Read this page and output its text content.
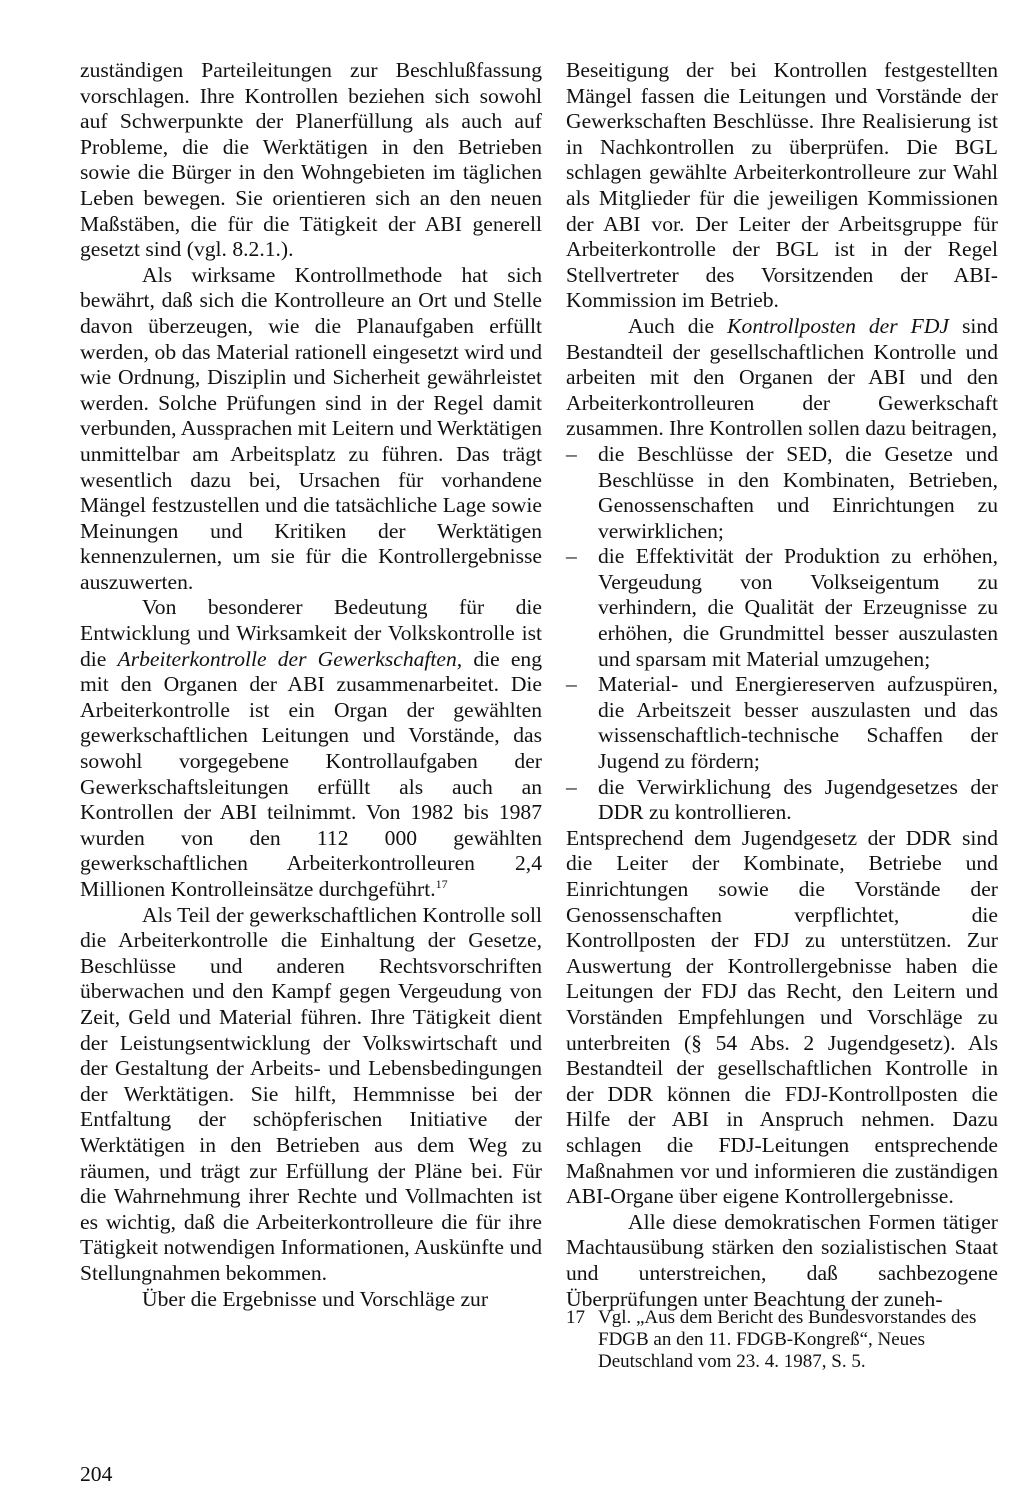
zuständigen Parteileitungen zur Beschlußfassung vorschlagen. Ihre Kontrollen beziehen sich sowohl auf Schwerpunkte der Planerfüllung als auch auf Probleme, die die Werktätigen in den Betrieben sowie die Bürger in den Wohngebieten im täglichen Leben bewegen. Sie orientieren sich an den neuen Maßstäben, die für die Tätigkeit der ABI generell gesetzt sind (vgl. 8.2.1.).

Als wirksame Kontrollmethode hat sich bewährt, daß sich die Kontrolleure an Ort und Stelle davon überzeugen, wie die Planaufgaben erfüllt werden, ob das Material rationell eingesetzt wird und wie Ordnung, Disziplin und Sicherheit gewährleistet werden. Solche Prüfungen sind in der Regel damit verbunden, Aussprachen mit Leitern und Werktätigen unmittelbar am Arbeitsplatz zu führen. Das trägt wesentlich dazu bei, Ursachen für vorhandene Mängel festzustellen und die tatsächliche Lage sowie Meinungen und Kritiken der Werktätigen kennenzulernen, um sie für die Kontrollergebnisse auszuwerten.

Von besonderer Bedeutung für die Entwicklung und Wirksamkeit der Volkskontrolle ist die Arbeiterkontrolle der Gewerkschaften, die eng mit den Organen der ABI zusammenarbeitet. Die Arbeiterkontrolle ist ein Organ der gewählten gewerkschaftlichen Leitungen und Vorstände, das sowohl vorgegebene Kontrollaufgaben der Gewerkschaftsleitungen erfüllt als auch an Kontrollen der ABI teilnimmt. Von 1982 bis 1987 wurden von den 112 000 gewählten gewerkschaftlichen Arbeiterkontrolleuren 2,4 Millionen Kontrolleinsätze durchgeführt.$^{17}$

Als Teil der gewerkschaftlichen Kontrolle soll die Arbeiterkontrolle die Einhaltung der Gesetze, Beschlüsse und anderen Rechtsvorschriften überwachen und den Kampf gegen Vergeudung von Zeit, Geld und Material führen. Ihre Tätigkeit dient der Leistungsentwicklung der Volkswirtschaft und der Gestaltung der Arbeits- und Lebensbedingungen der Werktätigen. Sie hilft, Hemmnisse bei der Entfaltung der schöpferischen Initiative der Werktätigen in den Betrieben aus dem Weg zu räumen, und trägt zur Erfüllung der Pläne bei. Für die Wahrnehmung ihrer Rechte und Vollmachten ist es wichtig, daß die Arbeiterkontrolleure die für ihre Tätigkeit notwendigen Informationen, Auskünfte und Stellungnahmen bekommen.

Über die Ergebnisse und Vorschläge zur

Beseitigung der bei Kontrollen festgestellten Mängel fassen die Leitungen und Vorstände der Gewerkschaften Beschlüsse. Ihre Realisierung ist in Nachkontrollen zu überprüfen. Die BGL schlagen gewählte Arbeiterkontrolleure zur Wahl als Mitglieder für die jeweiligen Kommissionen der ABI vor. Der Leiter der Arbeitsgruppe für Arbeiterkontrolle der BGL ist in der Regel Stellvertreter des Vorsitzenden der ABI-Kommission im Betrieb.

Auch die Kontrollposten der FDJ sind Bestandteil der gesellschaftlichen Kontrolle und arbeiten mit den Organen der ABI und den Arbeiterkontrolleuren der Gewerkschaft zusammen. Ihre Kontrollen sollen dazu beitragen,

– die Beschlüsse der SED, die Gesetze und Beschlüsse in den Kombinaten, Betrieben, Genossenschaften und Einrichtungen zu verwirklichen;
– die Effektivität der Produktion zu erhöhen, Vergeudung von Volkseigentum zu verhindern, die Qualität der Erzeugnisse zu erhöhen, die Grundmittel besser auszulasten und sparsam mit Material umzugehen;
– Material- und Energiereserven aufzuspüren, die Arbeitszeit besser auszulasten und das wissenschaftlich-technische Schaffen der Jugend zu fördern;
– die Verwirklichung des Jugendgesetzes der DDR zu kontrollieren.

Entsprechend dem Jugendgesetz der DDR sind die Leiter der Kombinate, Betriebe und Einrichtungen sowie die Vorstände der Genossenschaften verpflichtet, die Kontrollposten der FDJ zu unterstützen. Zur Auswertung der Kontrollergebnisse haben die Leitungen der FDJ das Recht, den Leitern und Vorständen Empfehlungen und Vorschläge zu unterbreiten (§ 54 Abs. 2 Jugendgesetz). Als Bestandteil der gesellschaftlichen Kontrolle in der DDR können die FDJ-Kontrollposten die Hilfe der ABI in Anspruch nehmen. Dazu schlagen die FDJ-Leitungen entsprechende Maßnahmen vor und informieren die zuständigen ABI-Organe über eigene Kontrollergebnisse.

Alle diese demokratischen Formen tätiger Machtausübung stärken den sozialistischen Staat und unterstreichen, daß sachbezogene Überprüfungen unter Beachtung der zuneh-

17 Vgl. „Aus dem Bericht des Bundesvorstandes des FDGB an den 11. FDGB-Kongreß“, Neues Deutschland vom 23. 4. 1987, S. 5.
204
